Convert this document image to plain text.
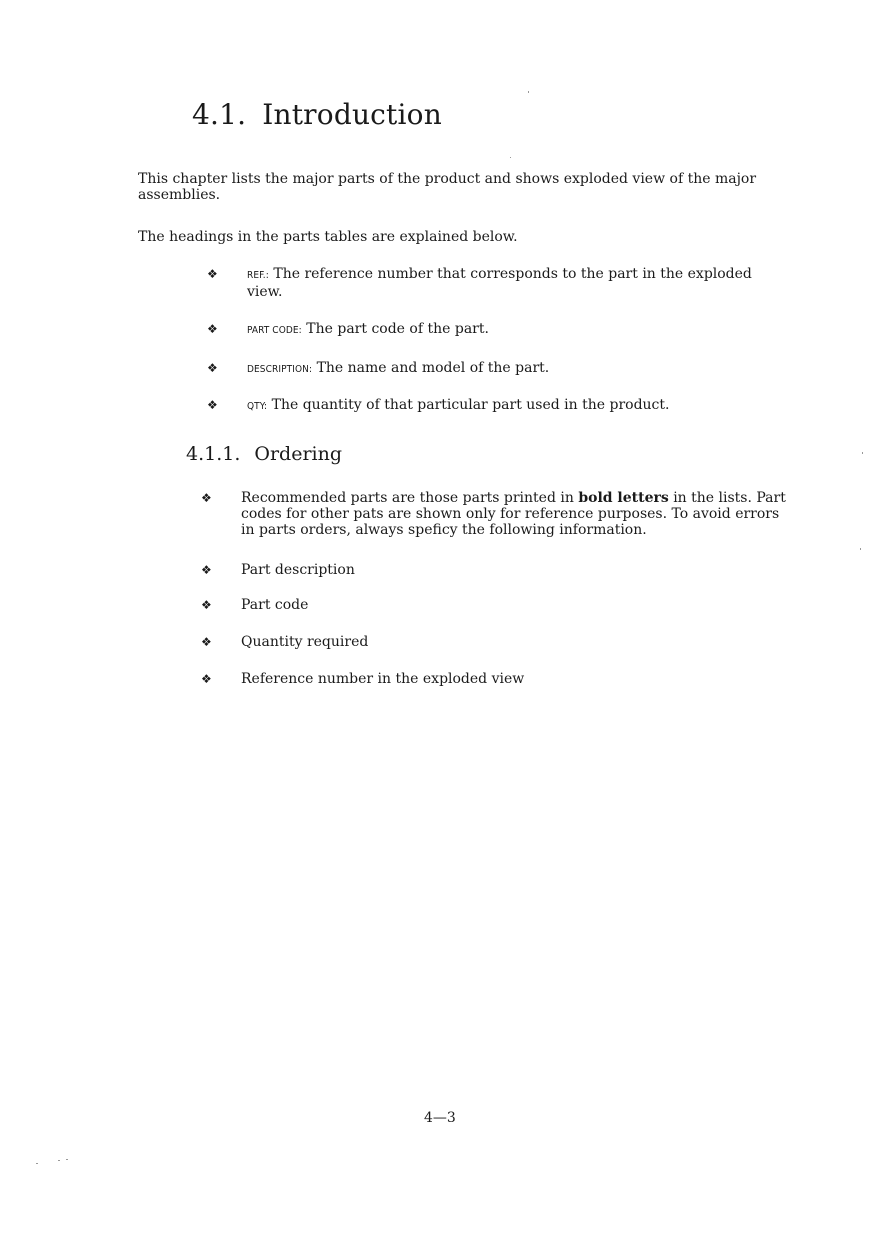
4.1. Introduction
This chapter lists the major parts of the product and shows exploded view of the major assemblies.
The headings in the parts tables are explained below.
❖	REF.: The reference number that corresponds to the part in the exploded view.
❖	PART CODE: The part code of the part.
❖	DESCRIPTION: The name and model of the part.
❖	QTY: The quantity of that particular part used in the product.
4.1.1. Ordering
❖ Recommended parts are those parts printed in bold letters in the lists. Part codes for other pats are shown only for reference purposes. To avoid errors in parts orders, always speficy the following information.
❖ Part description
❖ Part code
❖ Quantity required
❖ Reference number in the exploded view
4—3
